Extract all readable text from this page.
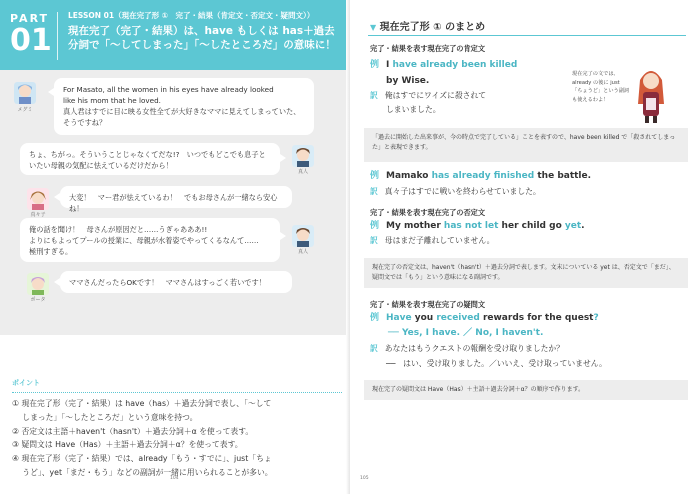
PART
01
LESSON 01（現在完了形 ①　完了・結果（肯定文・否定文・疑問文））
現在完了（完了・結果）は、have もしくは has＋過去分詞で「～してしまった」「～したところだ」の意味に！
メグミ
For Masato, all the women in his eyes have already looked
like his mom that he loved.
真人君はすでに目に映る女性全てが大好きなママに見えてしまっていた、
そうですね？
ちょ、ちがっ。そういうことじゃなくてだな!?　いつでもどこでも息子と
いたい母親の気配に怯えているだけだから！
真人
真々子
大変！　マー君が怯えているわ！　でもお母さんが一緒なら安心ね！
俺の話を聞け！　母さんが原因だと……うぎゃあああ!!
よりにもよってプールの授業に、母親が水着姿でやってくるなんて……
極刑すぎる。	真人
ポータ
ママさんだったらOKです！　ママさんはすっごく若いです！
ポイント
① 現在完了形（完了・結果）は have（has）＋過去分詞で表し、「～して
　 しまった」「～したところだ」という意味を持つ。
② 否定文は主語＋haven't（hasn't）＋過去分詞＋α を使って表す。
③ 疑問文は Have（Has）＋主語＋過去分詞＋α？を使って表す。
④ 現在完了形（完了・結果）では、already「もう・すでに」、just「ちょ
　 うど」、yet「まだ・もう」などの副詞が一緒に用いられることが多い。
104
▼ 現在完了形 ① のまとめ
完了・結果を表す現在完了の肯定文
例 I have already been killed
by Wise.
訳 俺はすでにワイズに殺されて
しまいました。
現在完了の文では、already の後に just「ちょうど」という副詞も使えるわよ！
「過去に開始した出来事が、今の時点で完了している」ことを表すので、have been killed で「殺されてしまった」と表現できます。
例 Mamako has already finished the battle.
訳 真々子はすでに戦いを終わらせていました。
完了・結果を表す現在完了の否定文
例 My mother has not let her child go yet.
訳 母はまだ子離れしていません。
現在完了の否定文は、haven't（hasn't）＋過去分詞で表します。文末についている yet は、否定文で「まだ」、疑問文では「もう」という意味になる副詞です。
完了・結果を表す現在完了の疑問文
例 Have you received rewards for the quest?
── Yes, I have. ／ No, I haven't.
訳 あなたはもうクエストの報酬を受け取りましたか？
──　はい、受け取りました。／いいえ、受け取っていません。
現在完了の疑問文は Have（Has）＋主語＋過去分詞＋α？の順序で作ります。
105
